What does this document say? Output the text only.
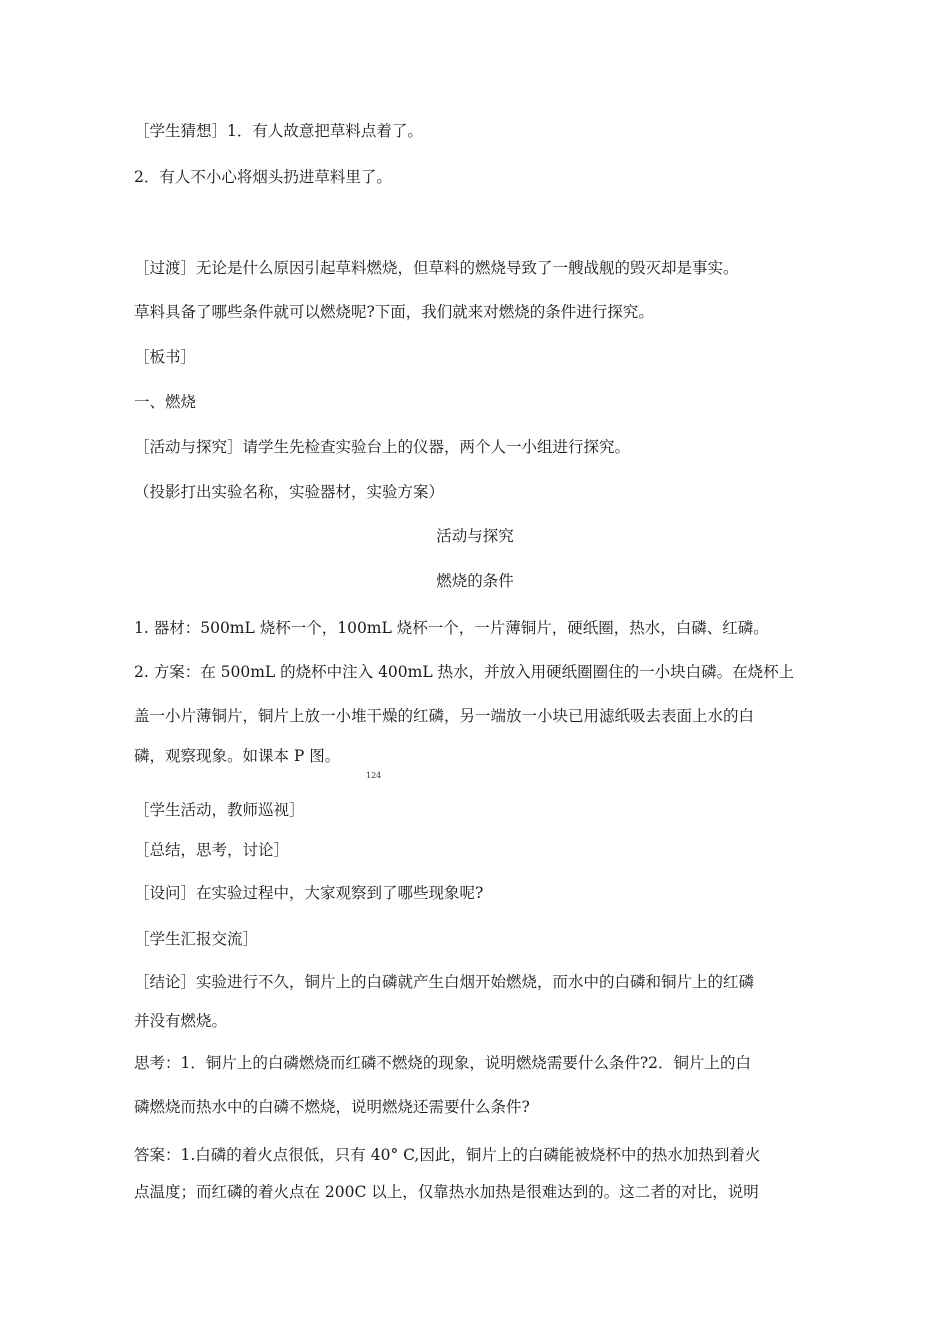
［学生猜想］1．有人故意把草料点着了。
2．有人不小心将烟头扔进草料里了。
［过渡］无论是什么原因引起草料燃烧，但草料的燃烧导致了一艘战舰的毁灭却是事实。
草料具备了哪些条件就可以燃烧呢?下面，我们就来对燃烧的条件进行探究。
［板书］
一、燃烧
［活动与探究］请学生先检查实验台上的仪器，两个人一小组进行探究。
（投影打出实验名称，实验器材，实验方案）
活动与探究
燃烧的条件
1. 器材：500mL 烧杯一个，100mL 烧杯一个，一片薄铜片，硬纸圈，热水，白磷、红磷。
2. 方案：在 500mL 的烧杯中注入 400mL 热水，并放入用硬纸圈圈住的一小块白磷。在烧杯上
盖一小片薄铜片，铜片上放一小堆干燥的红磷，另一端放一小块已用滤纸吸去表面上水的白
磷，观察现象。如课本 P 图。
124
［学生活动，教师巡视］
［总结，思考，讨论］
［设问］在实验过程中，大家观察到了哪些现象呢?
［学生汇报交流］
［结论］实验进行不久，铜片上的白磷就产生白烟开始燃烧，而水中的白磷和铜片上的红磷
并没有燃烧。
思考：1．铜片上的白磷燃烧而红磷不燃烧的现象，说明燃烧需要什么条件?2．铜片上的白
磷燃烧而热水中的白磷不燃烧，说明燃烧还需要什么条件?
答案：1.白磷的着火点很低，只有 40° C,因此，铜片上的白磷能被烧杯中的热水加热到着火
点温度；而红磷的着火点在 200C 以上，仅靠热水加热是很难达到的。这二者的对比，说明
